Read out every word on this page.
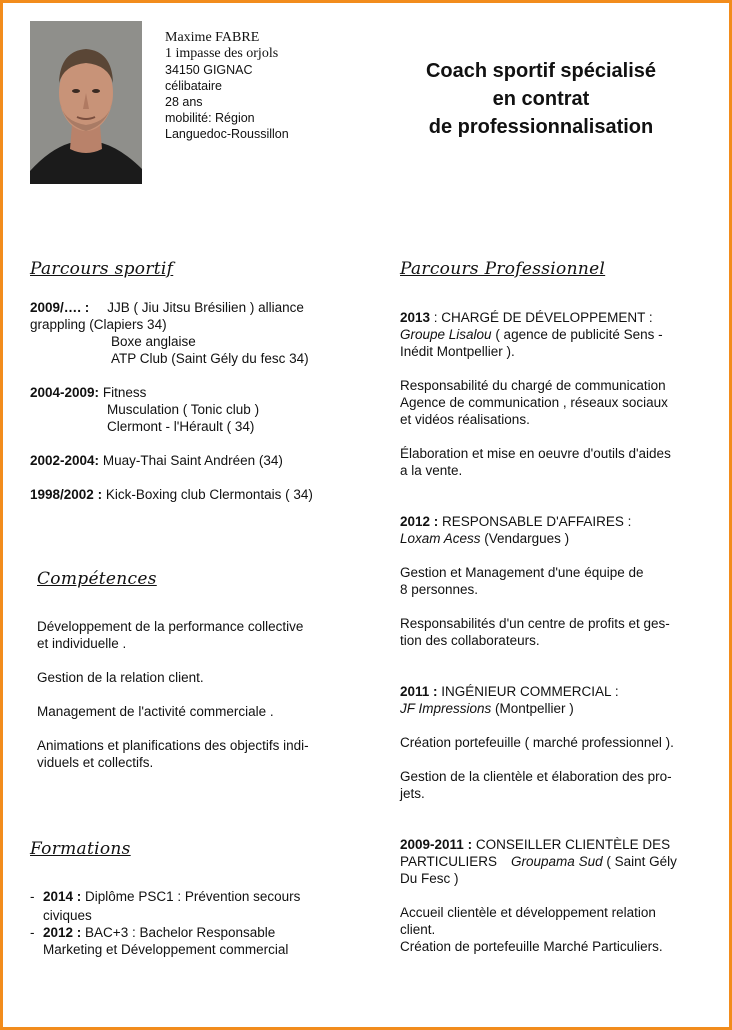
Maxime FABRE
1 impasse des orjols
34150 GIGNAC
célibataire
28 ans
mobilité: Région
Languedoc-Roussillon
Coach sportif spécialisé
en contrat
de professionnalisation
Parcours sportif
2009/…. : JJB ( Jiu Jitsu Brésilien ) alliance
grappling (Clapiers 34)
Boxe anglaise
ATP Club (Saint Gély du fesc 34)
2004-2009: Fitness
Musculation ( Tonic club )
Clermont - l'Hérault ( 34)
2002-2004: Muay-Thai Saint Andréen (34)
1998/2002 : Kick-Boxing club Clermontais ( 34)
Compétences
Développement de la performance collective
et individuelle .
Gestion de la relation client.
Management de l'activité commerciale .
Animations et planifications des objectifs indi-
viduels et collectifs.
Formations
- 2014 : Diplôme PSC1 : Prévention secours
civiques
- 2012 : BAC+3 : Bachelor Responsable
Marketing et Développement commercial
Parcours Professionnel
2013 : CHARGÉ DE DÉVELOPPEMENT :
Groupe Lisalou ( agence de publicité Sens -
Inédit Montpellier ).
Responsabilité du chargé de communication
Agence de communication , réseaux sociaux
et vidéos réalisations.
Élaboration et mise en oeuvre d'outils d'aides
a la vente.
2012 : RESPONSABLE D'AFFAIRES :
Loxam Acess (Vendargues )
Gestion et Management d'une équipe de
8 personnes.
Responsabilités d'un centre de profits et ges-
tion des collaborateurs.
2011 : INGÉNIEUR COMMERCIAL :
JF Impressions (Montpellier )
Création portefeuille ( marché professionnel ).
Gestion de la clientèle et élaboration des pro-
jets.
2009-2011 : CONSEILLER CLIENTÈLE DES
PARTICULIERS Groupama Sud ( Saint Gély
Du Fesc )
Accueil clientèle et développement relation
client.
Création de portefeuille Marché Particuliers.
